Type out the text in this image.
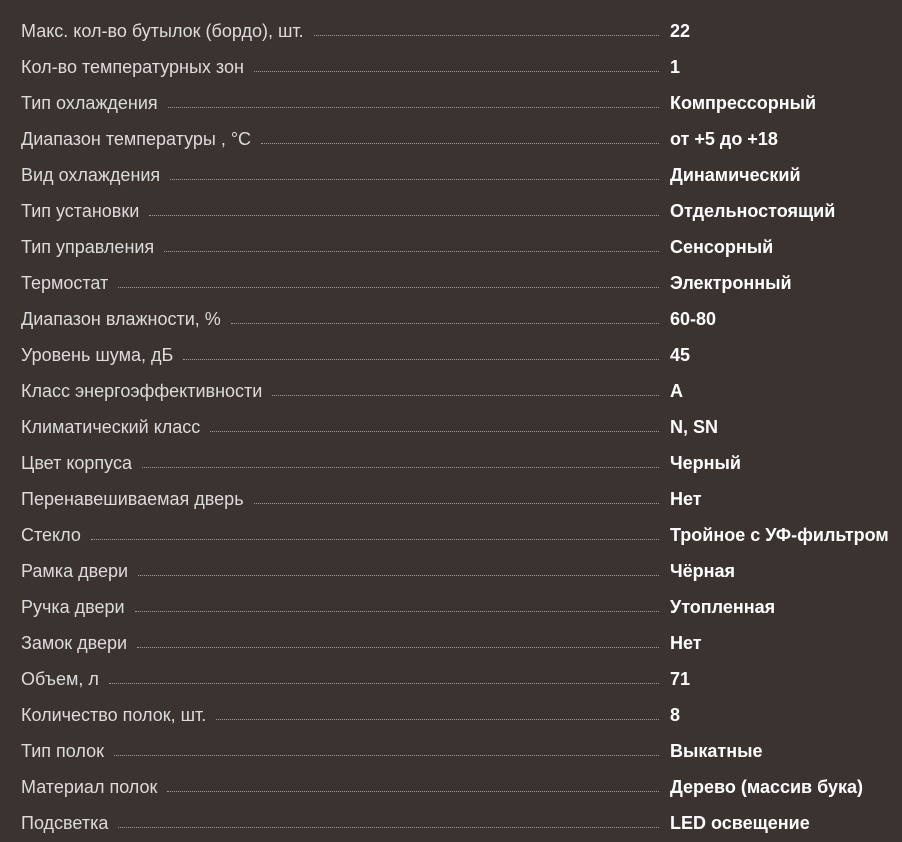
Макс. кол-во бутылок (бордо), шт.	22
Кол-во температурных зон	1
Тип охлаждения	Компрессорный
Диапазон температуры , °С	от +5 до +18
Вид охлаждения	Динамический
Тип установки	Отдельностоящий
Тип управления	Сенсорный
Термостат	Электронный
Диапазон влажности, %	60-80
Уровень шума, дБ	45
Класс энергоэффективности	A
Климатический класс	N, SN
Цвет корпуса	Черный
Перенавешиваемая дверь	Нет
Стекло	Тройное с УФ-фильтром
Рамка двери	Чёрная
Ручка двери	Утопленная
Замок двери	Нет
Объем, л	71
Количество полок, шт.	8
Тип полок	Выкатные
Материал полок	Дерево (массив бука)
Подсветка	LED освещение
